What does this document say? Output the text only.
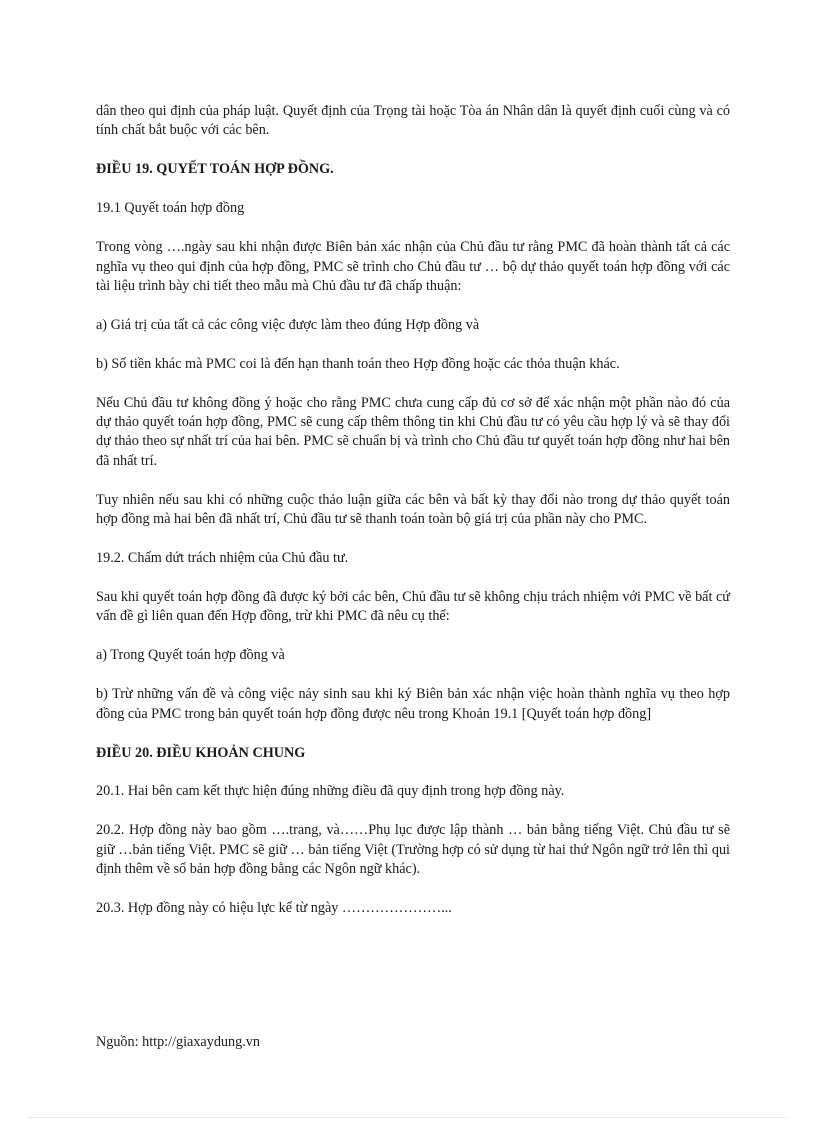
dân theo qui định của pháp luật. Quyết định của Trọng tài hoặc Tòa án Nhân dân là quyết định cuối cùng và có tính chất bắt buộc với các bên.

ĐIỀU 19. QUYẾT TOÁN HỢP ĐỒNG.

19.1 Quyết toán hợp đồng

Trong vòng ….ngày sau khi nhận được Biên bản xác nhận của Chủ đầu tư rằng PMC đã hoàn thành tất cả các nghĩa vụ theo qui định của hợp đồng, PMC sẽ trình cho Chủ đầu tư … bộ dự thảo quyết toán hợp đồng với các tài liệu trình bày chi tiết theo mẫu mà Chủ đầu tư đã chấp thuận:

a) Giá trị của tất cả các công việc được làm theo đúng Hợp đồng và

b) Số tiền khác mà PMC coi là đến hạn thanh toán theo Hợp đồng hoặc các thỏa thuận khác.

Nếu Chủ đầu tư không đồng ý hoặc cho rằng PMC chưa cung cấp đủ cơ sở để xác nhận một phần nào đó của dự thảo quyết toán hợp đồng, PMC sẽ cung cấp thêm thông tin khi Chủ đầu tư có yêu cầu hợp lý và sẽ thay đổi dự thảo theo sự nhất trí của hai bên. PMC sẽ chuẩn bị và trình cho Chủ đầu tư quyết toán hợp đồng như hai bên đã nhất trí.

Tuy nhiên nếu sau khi có những cuộc thảo luận giữa các bên và bất kỳ thay đổi nào trong dự thảo quyết toán hợp đồng mà hai bên đã nhất trí, Chủ đầu tư sẽ thanh toán toàn bộ giá trị của phần này cho PMC.

19.2. Chấm dứt trách nhiệm của Chủ đầu tư.

Sau khi quyết toán hợp đồng đã được ký bởi các bên, Chủ đầu tư sẽ không chịu trách nhiệm với PMC về bất cứ vấn đề gì liên quan đến Hợp đồng, trừ khi PMC đã nêu cụ thể:

a) Trong Quyết toán hợp đồng và

b) Trừ những vấn đề và công việc nảy sinh sau khi ký Biên bản xác nhận việc hoàn thành nghĩa vụ theo hợp đồng của PMC trong bản quyết toán hợp đồng được nêu trong Khoản 19.1 [Quyết toán hợp đồng]

ĐIỀU 20. ĐIỀU KHOẢN CHUNG

20.1. Hai bên cam kết thực hiện đúng những điều đã quy định trong hợp đồng này.

20.2. Hợp đồng này bao gồm ….trang, và……Phụ lục được lập thành … bản bằng tiếng Việt. Chủ đầu tư sẽ giữ …bản tiếng Việt. PMC sẽ giữ … bản tiếng Việt (Trường hợp có sử dụng từ hai thứ Ngôn ngữ trở lên thì qui định thêm về số bản hợp đồng bằng các Ngôn ngữ khác).

20.3. Hợp đồng này có hiệu lực kể từ ngày …………………...

Nguồn: http://giaxaydung.vn
